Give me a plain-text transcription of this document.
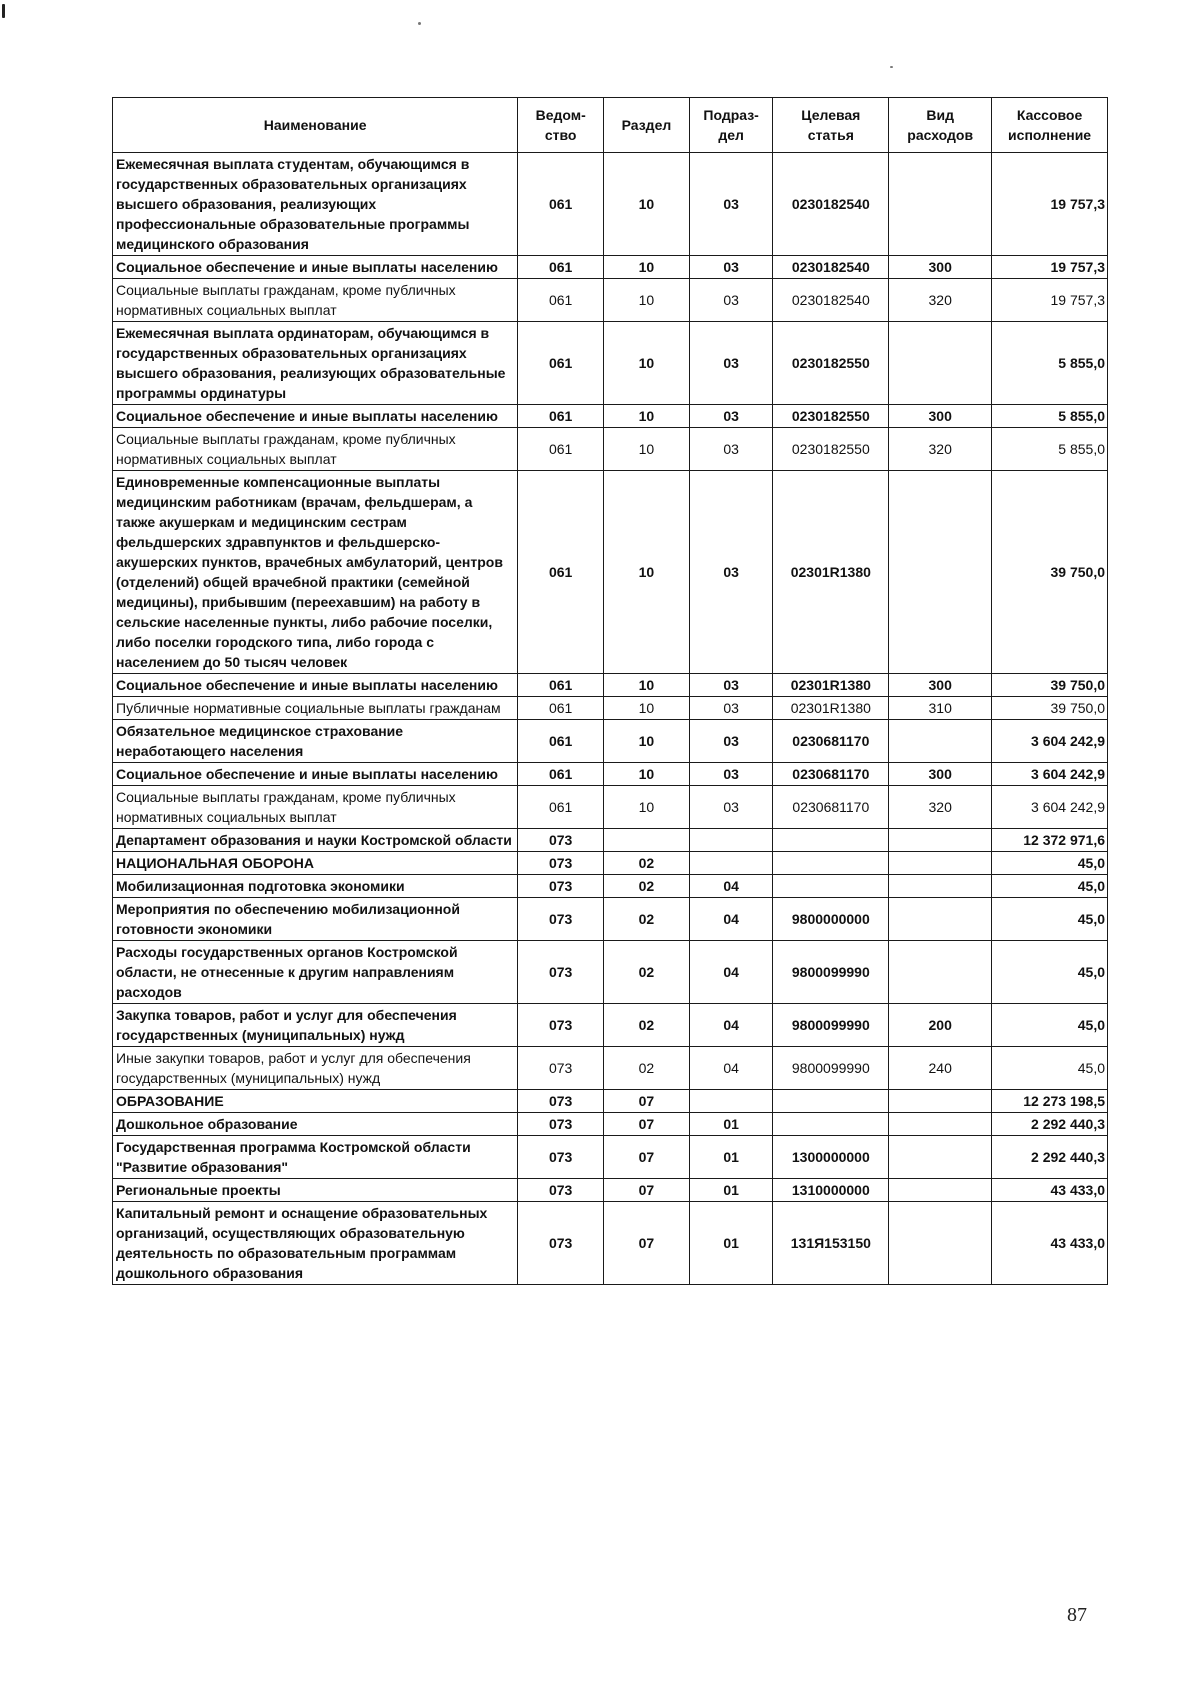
Наименование	Ведом-ство	Раздел	Подраз-дел	Целевая статья	Вид расходов	Кассовое исполнение
Ежемесячная выплата студентам, обучающимся в государственных образовательных организациях высшего образования, реализующих профессиональные образовательные программы медицинского образования	061	10	03	0230182540		19 757,3
Социальное обеспечение и иные выплаты населению	061	10	03	0230182540	300	19 757,3
Социальные выплаты гражданам, кроме публичных нормативных социальных выплат	061	10	03	0230182540	320	19 757,3
Ежемесячная выплата ординаторам, обучающимся в государственных образовательных организациях высшего образования, реализующих образовательные программы ординатуры	061	10	03	0230182550		5 855,0
Социальное обеспечение и иные выплаты населению	061	10	03	0230182550	300	5 855,0
Социальные выплаты гражданам, кроме публичных нормативных социальных выплат	061	10	03	0230182550	320	5 855,0
Единовременные компенсационные выплаты медицинским работникам (врачам, фельдшерам, а также акушеркам и медицинским сестрам фельдшерских здравпунктов и фельдшерско-акушерских пунктов, врачебных амбулаторий, центров (отделений) общей врачебной практики (семейной медицины), прибывшим (переехавшим) на работу в сельские населенные пункты, либо рабочие поселки, либо поселки городского типа, либо города с населением до 50 тысяч человек	061	10	03	02301R1380		39 750,0
Социальное обеспечение и иные выплаты населению	061	10	03	02301R1380	300	39 750,0
Публичные нормативные социальные выплаты гражданам	061	10	03	02301R1380	310	39 750,0
Обязательное медицинское страхование неработающего населения	061	10	03	0230681170		3 604 242,9
Социальное обеспечение и иные выплаты населению	061	10	03	0230681170	300	3 604 242,9
Социальные выплаты гражданам, кроме публичных нормативных социальных выплат	061	10	03	0230681170	320	3 604 242,9
Департамент образования и науки Костромской области	073					12 372 971,6
НАЦИОНАЛЬНАЯ ОБОРОНА	073	02				45,0
Мобилизационная подготовка экономики	073	02	04			45,0
Мероприятия по обеспечению мобилизационной готовности экономики	073	02	04	9800000000		45,0
Расходы государственных органов Костромской области, не отнесенные к другим направлениям расходов	073	02	04	9800099990		45,0
Закупка товаров, работ и услуг для обеспечения государственных (муниципальных) нужд	073	02	04	9800099990	200	45,0
Иные закупки товаров, работ и услуг для обеспечения государственных (муниципальных) нужд	073	02	04	9800099990	240	45,0
ОБРАЗОВАНИЕ	073	07				12 273 198,5
Дошкольное образование	073	07	01			2 292 440,3
Государственная программа Костромской области "Развитие образования"	073	07	01	1300000000		2 292 440,3
Региональные проекты	073	07	01	1310000000		43 433,0
Капитальный ремонт и оснащение образовательных организаций, осуществляющих образовательную деятельность по образовательным программам дошкольного образования	073	07	01	131Я153150		43 433,0
87
